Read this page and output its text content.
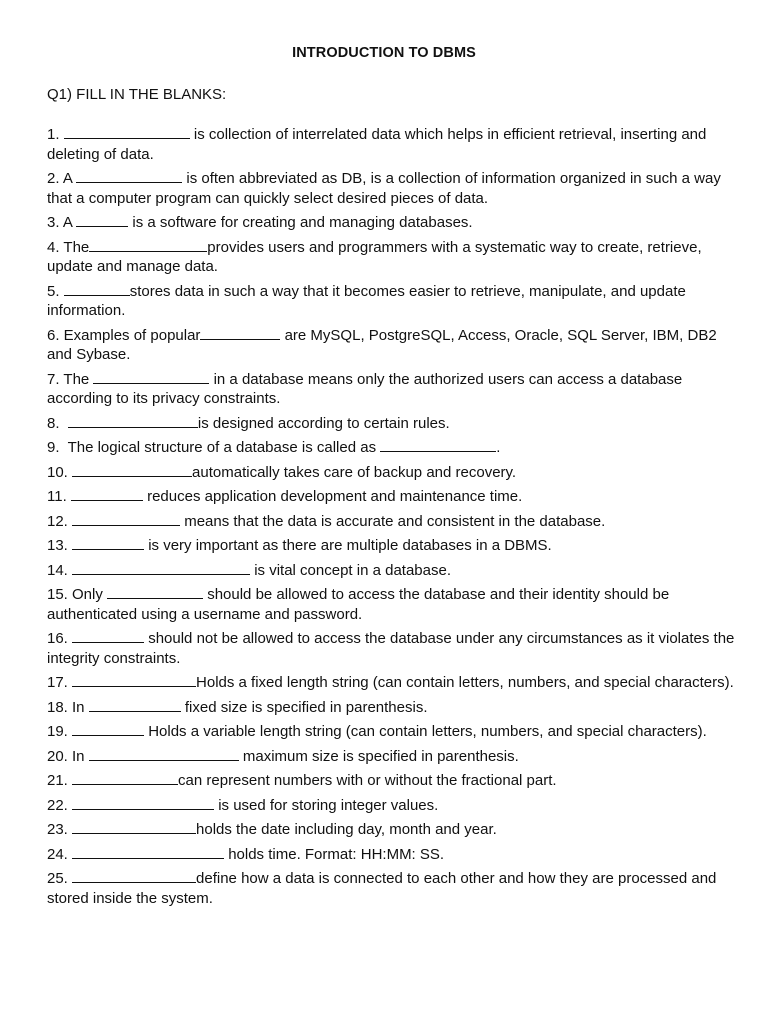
INTRODUCTION TO DBMS
Q1) FILL IN THE BLANKS:
1.	is collection of interrelated data which helps in efficient retrieval, inserting and deleting of data.
2. A	is often abbreviated as DB, is a collection of information organized in such a way that a computer program can quickly select desired pieces of data.
3. A	is a software for creating and managing databases.
4. The	provides users and programmers with a systematic way to create, retrieve, update and manage data.
5.	stores data in such a way that it becomes easier to retrieve, manipulate, and update information.
6. Examples of popular	are MySQL, PostgreSQL, Access, Oracle, SQL Server, IBM, DB2 and Sybase.
7. The	in a database means only the authorized users can access a database according to its privacy constraints.
8.	is designed according to certain rules.
9.  The logical structure of a database is called as	.
10.	automatically takes care of backup and recovery.
11.	reduces application development and maintenance time.
12.	means that the data is accurate and consistent in the database.
13.	is very important as there are multiple databases in a DBMS.
14.	is vital concept in a database.
15. Only	should be allowed to access the database and their identity should be authenticated using a username and password.
16.	should not be allowed to access the database under any circumstances as it violates the integrity constraints.
17.	Holds a fixed length string (can contain letters, numbers, and special characters).
18. In	fixed size is specified in parenthesis.
19.	Holds a variable length string (can contain letters, numbers, and special characters).
20. In	maximum size is specified in parenthesis.
21.	can represent numbers with or without the fractional part.
22.	is used for storing integer values.
23.	holds the date including day, month and year.
24.	holds time. Format: HH:MM: SS.
25.	define how a data is connected to each other and how they are processed and stored inside the system.
